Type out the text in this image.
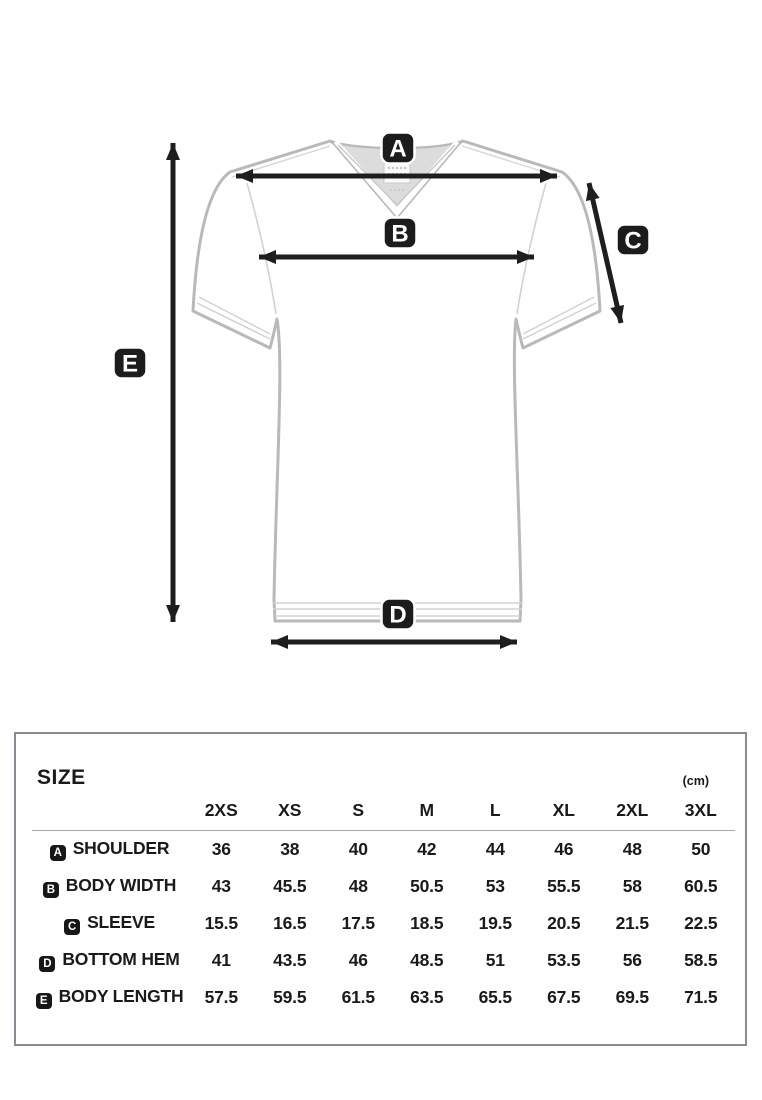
A
B	C
D
E
SIZE	(cm)
	2XS	XS	S	M	L	XL	2XL	3XL
A SHOULDER	36	38	40	42	44	46	48	50
B BODY WIDTH	43	45.5	48	50.5	53	55.5	58	60.5
C SLEEVE	15.5	16.5	17.5	18.5	19.5	20.5	21.5	22.5
D BOTTOM HEM	41	43.5	46	48.5	51	53.5	56	58.5
E BODY LENGTH	57.5	59.5	61.5	63.5	65.5	67.5	69.5	71.5
